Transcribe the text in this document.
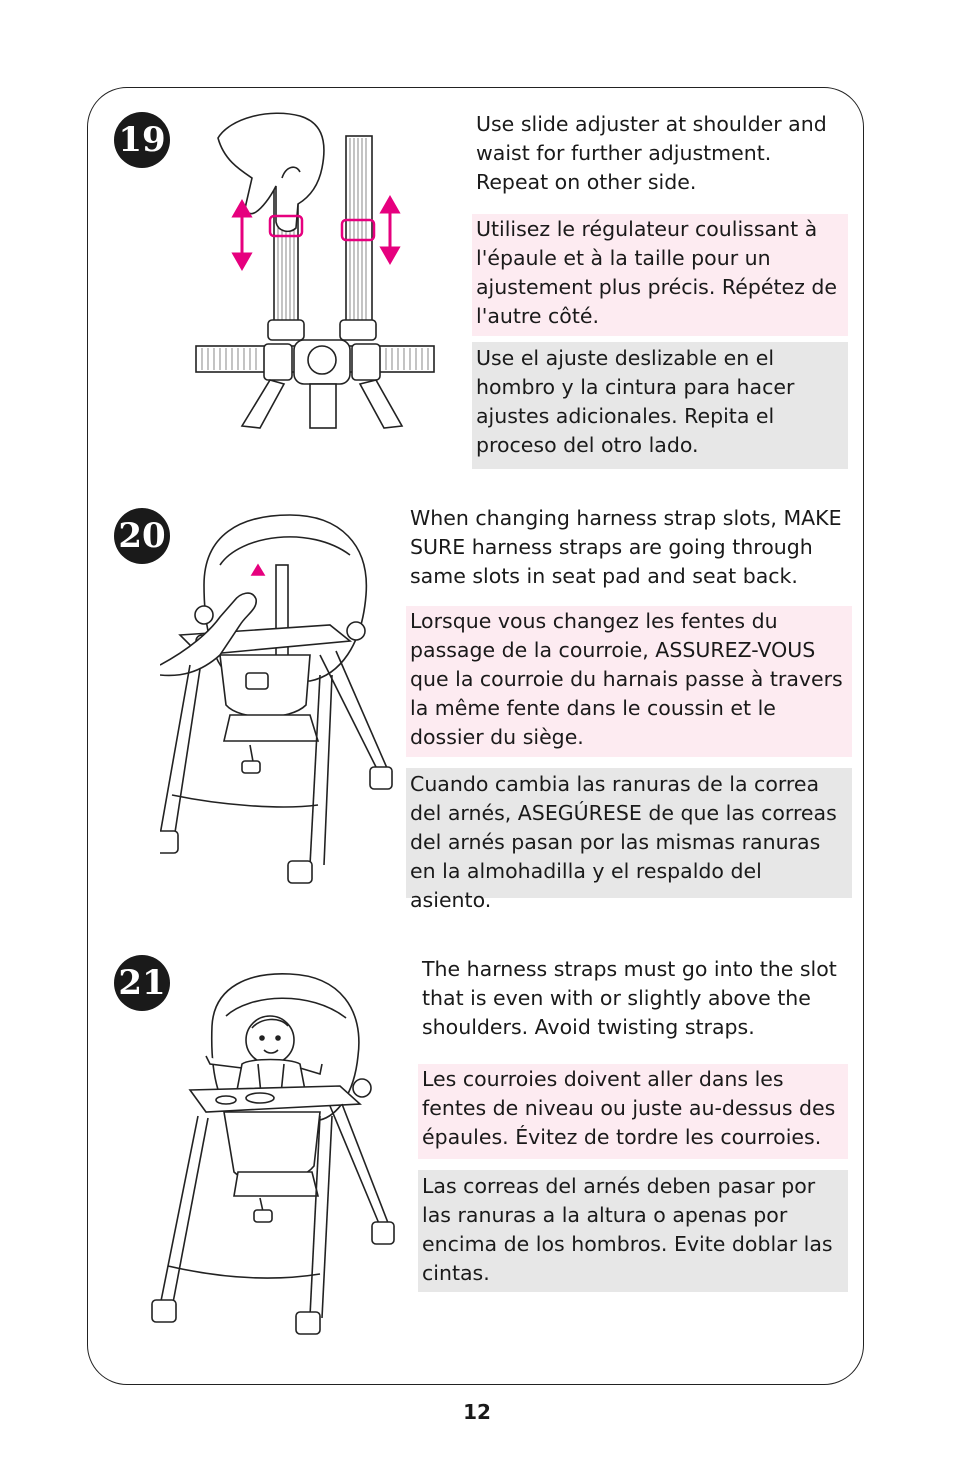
19	Use slide adjuster at shoulder and waist for further adjustment. Repeat on other side.

Utilisez le régulateur coulissant à l'épaule et à la taille pour un ajustement plus précis. Répétez de l'autre côté.

Use el ajuste deslizable en el hombro y la cintura para hacer ajustes adicionales. Repita el proceso del otro lado.

20	When changing harness strap slots, MAKE SURE harness straps are going through same slots in seat pad and seat back.

Lorsque vous changez les fentes du passage de la courroie, ASSUREZ-VOUS que la courroie du harnais passe à travers la même fente dans le coussin et le dossier du siège.

Cuando cambia las ranuras de la correa del arnés, ASEGÚRESE de que las correas del arnés pasan por las mismas ranuras en la almohadilla y el respaldo del asiento.

21	The harness straps must go into the slot that is even with or slightly above the shoulders. Avoid twisting straps.

Les courroies doivent aller dans les fentes de niveau ou juste au-dessus des épaules. Évitez de tordre les courroies.

Las correas del arnés deben pasar por las ranuras a la altura o apenas por encima de los hombros. Evite doblar las cintas.

12
